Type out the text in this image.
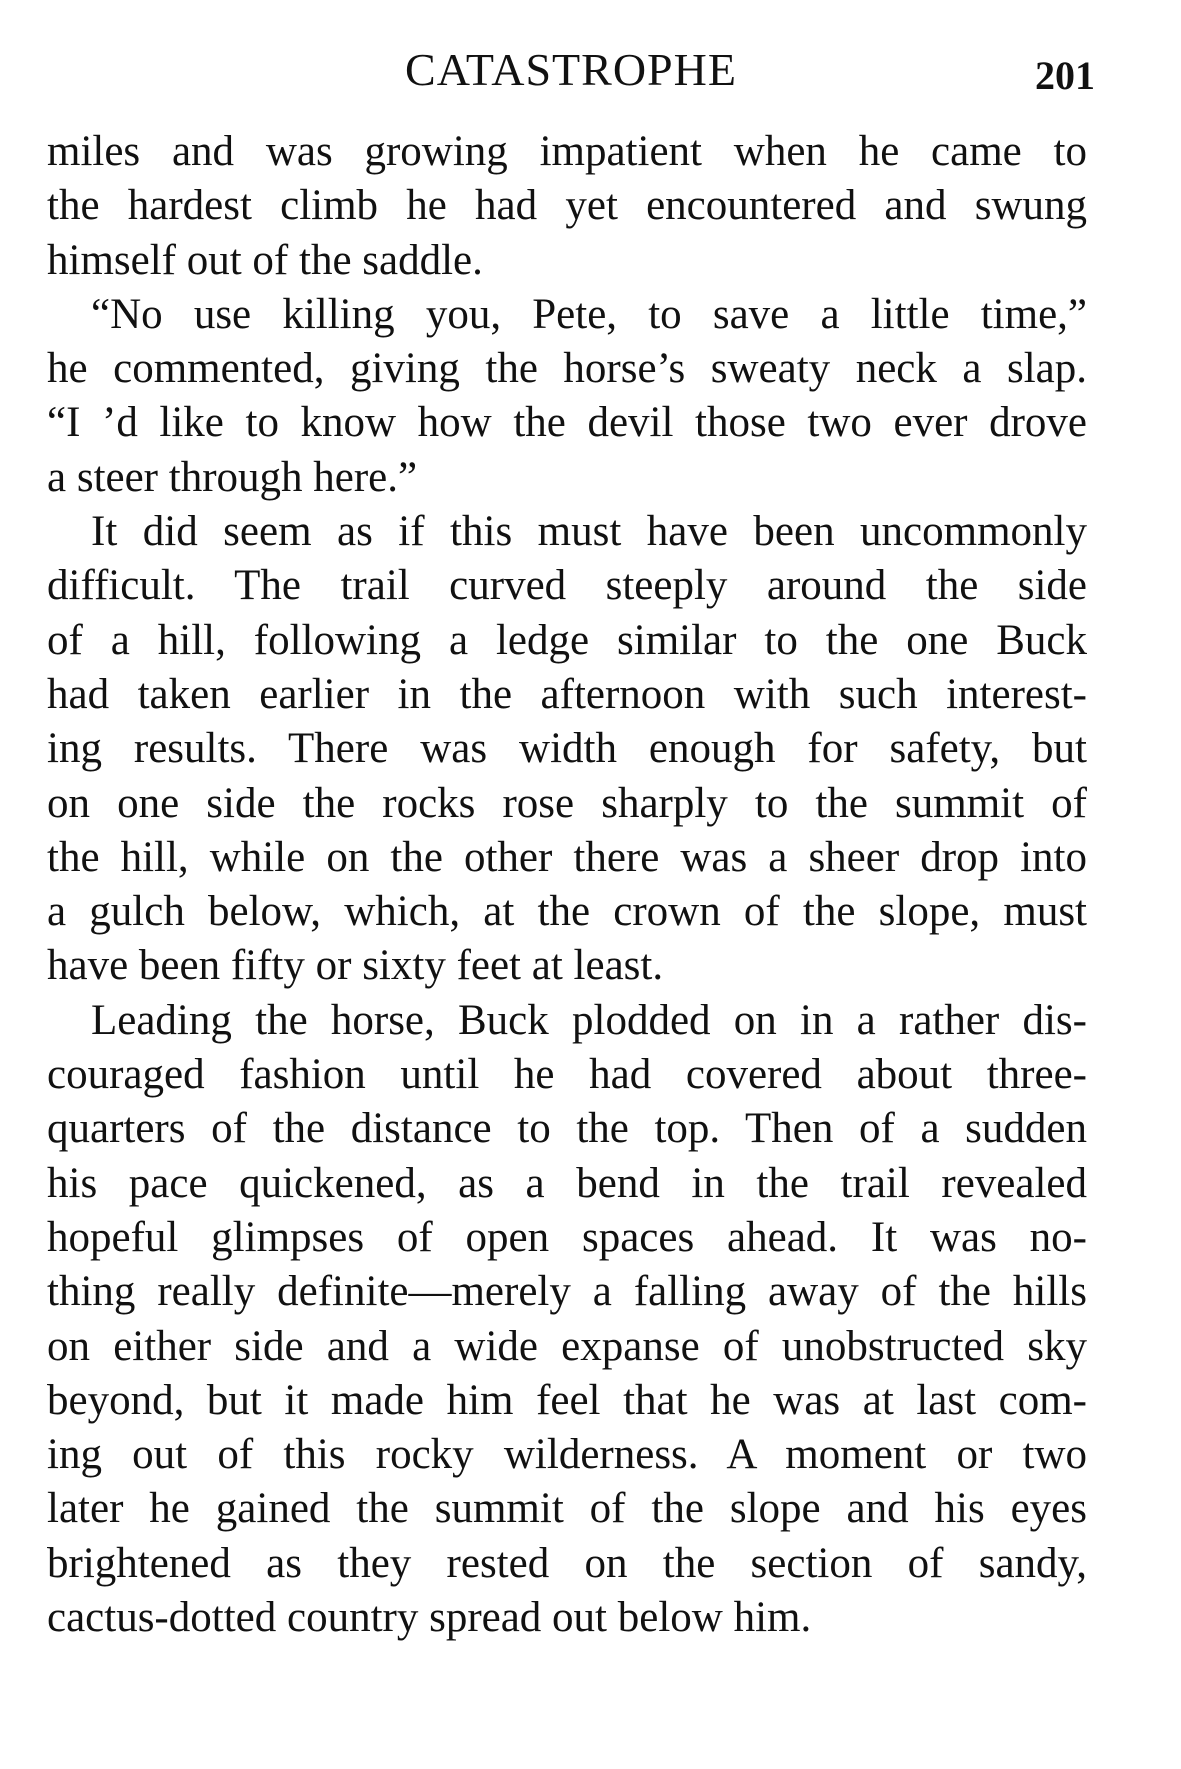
CATASTROPHE	201

miles and was growing impatient when he came to
the hardest climb he had yet encountered and swung
himself out of the saddle.

“No use killing you, Pete, to save a little time,”
he commented, giving the horse’s sweaty neck a slap.
“I ’d like to know how the devil those two ever drove
a steer through here.”

It did seem as if this must have been uncommonly
difficult. The trail curved steeply around the side
of a hill, following a ledge similar to the one Buck
had taken earlier in the afternoon with such interest-
ing results. There was width enough for safety, but
on one side the rocks rose sharply to the summit of
the hill, while on the other there was a sheer drop into
a gulch below, which, at the crown of the slope, must
have been fifty or sixty feet at least.

Leading the horse, Buck plodded on in a rather dis-
couraged fashion until he had covered about three-
quarters of the distance to the top. Then of a sudden
his pace quickened, as a bend in the trail revealed
hopeful glimpses of open spaces ahead. It was no-
thing really definite—merely a falling away of the hills
on either side and a wide expanse of unobstructed sky
beyond, but it made him feel that he was at last com-
ing out of this rocky wilderness. A moment or two
later he gained the summit of the slope and his eyes
brightened as they rested on the section of sandy,
cactus-dotted country spread out below him.
